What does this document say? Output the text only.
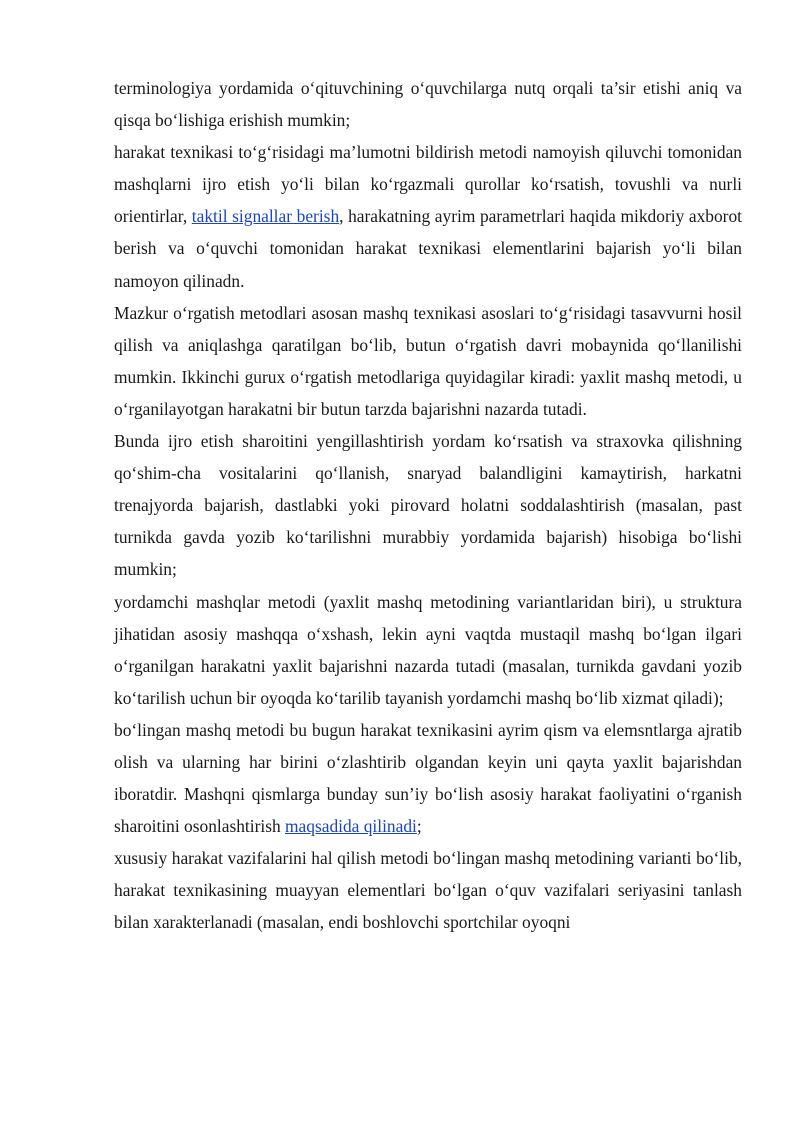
terminologiya yordamida o‘qituvchining o‘quvchilarga nutq orqali ta’sir etishi aniq va qisqa bo‘lishiga erishish mumkin;

harakat texnikasi to‘g‘risidagi ma’lumotni bildirish metodi namoyish qiluvchi tomonidan mashqlarni ijro etish yo‘li bilan ko‘rgazmali qurollar ko‘rsatish, tovushli va nurli orientirlar, taktil signallar berish, harakatning ayrim parametrlari haqida mikdoriy axborot berish va o‘quvchi tomonidan harakat texnikasi elementlarini bajarish yo‘li bilan namoyon qilinadn.

Mazkur o‘rgatish metodlari asosan mashq texnikasi asoslari to‘g‘risidagi tasavvurni hosil qilish va aniqlashga qaratilgan bo‘lib, butun o‘rgatish davri mobaynida qo‘llanilishi mumkin. Ikkinchi gurux o‘rgatish metodlariga quyidagilar kiradi: yaxlit mashq metodi, u o‘rganilayotgan harakatni bir butun tarzda bajarishni nazarda tutadi.

Bunda ijro etish sharoitini yengillashtirish yordam ko‘rsatish va straxovka qilishning qo‘shim-cha vositalarini qo‘llanish, snaryad balandligini kamaytirish, harkatni trenajyorda bajarish, dastlabki yoki pirovard holatni soddalashtirish (masalan, past turnikda gavda yozib ko‘tarilishni murabbiy yordamida bajarish) hisobiga bo‘lishi mumkin;

yordamchi mashqlar metodi (yaxlit mashq metodining variantlaridan biri), u struktura jihatidan asosiy mashqqa o‘xshash, lekin ayni vaqtda mustaqil mashq bo‘lgan ilgari o‘rganilgan harakatni yaxlit bajarishni nazarda tutadi (masalan, turnikda gavdani yozib ko‘tarilish uchun bir oyoqda ko‘tarilib tayanish yordamchi mashq bo‘lib xizmat qiladi);

bo‘lingan mashq metodi bu bugun harakat texnikasini ayrim qism va elemsntlarga ajratib olish va ularning har birini o‘zlashtirib olgandan keyin uni qayta yaxlit bajarishdan iboratdir. Mashqni qismlarga bunday sun’iy bo‘lish asosiy harakat faoliyatini o‘rganish sharoitini osonlashtirish maqsadida qilinadi;

xususiy harakat vazifalarini hal qilish metodi bo‘lingan mashq metodining varianti bo‘lib, harakat texnikasining muayyan elementlari bo‘lgan o‘quv vazifalari seriyasini tanlash bilan xarakterlanadi (masalan, endi boshlovchi sportchilar oyoqni
